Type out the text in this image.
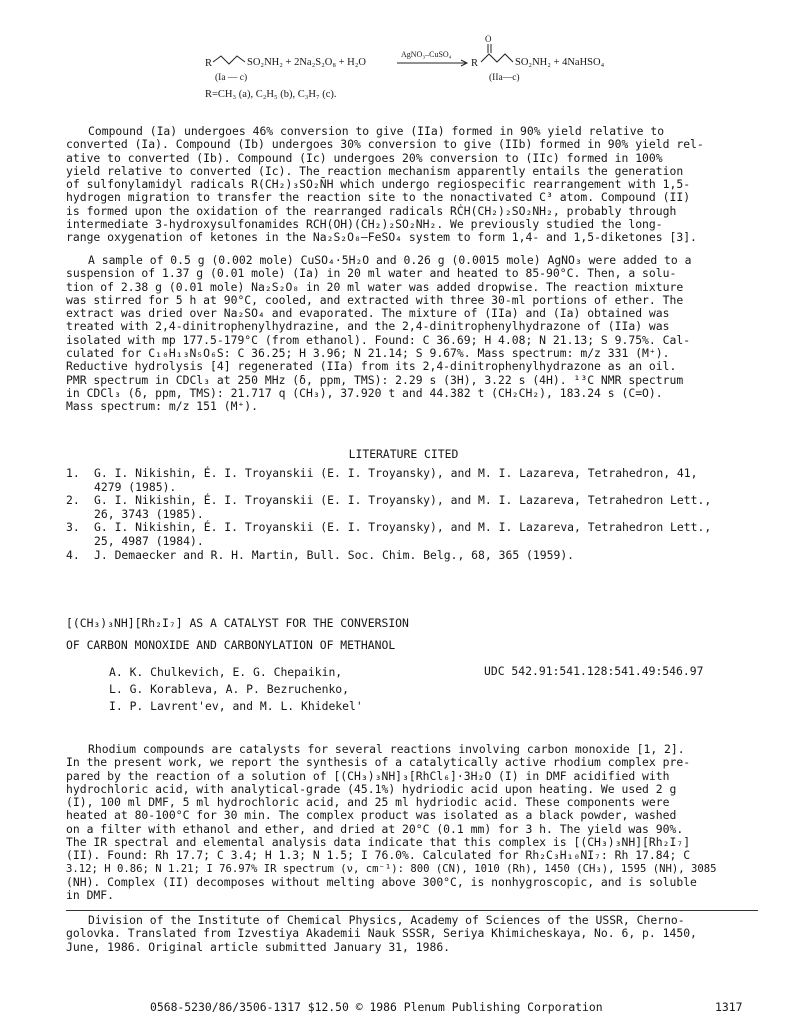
R	SO₂NH₂ + 2Na₂S₂O₈ + H₂O
AgNO₃–CuSO₄
R
O
SO₂NH₂ + 4NaHSO₄
(Ia — c)	(IIa—c)
R=CH₃ (a), C₂H₅ (b), C₃H₇ (c).
Compound (Ia) undergoes 46% conversion to give (IIa) formed in 90% yield relative to
converted (Ia). Compound (Ib) undergoes 30% conversion to give (IIb) formed in 90% yield rel-
ative to converted (Ib). Compound (Ic) undergoes 20% conversion to (IIc) formed in 100%
yield relative to converted (Ic). The reaction mechanism apparently entails the generation
of sulfonylamidyl radicals R(CH₂)₃SO₂N̄H which undergo regiospecific rearrangement with 1,5-
hydrogen migration to transfer the reaction site to the nonactivated C³ atom. Compound (II)
is formed upon the oxidation of the rearranged radicals RĊH(CH₂)₂SO₂NH₂, probably through
intermediate 3-hydroxysulfonamides RCH(OH)(CH₂)₂SO₂NH₂. We previously studied the long-
range oxygenation of ketones in the Na₂S₂O₈–FeSO₄ system to form 1,4- and 1,5-diketones [3].
A sample of 0.5 g (0.002 mole) CuSO₄·5H₂O and 0.26 g (0.0015 mole) AgNO₃ were added to a
suspension of 1.37 g (0.01 mole) (Ia) in 20 ml water and heated to 85-90°C. Then, a solu-
tion of 2.38 g (0.01 mole) Na₂S₂O₈ in 20 ml water was added dropwise. The reaction mixture
was stirred for 5 h at 90°C, cooled, and extracted with three 30-ml portions of ether. The
extract was dried over Na₂SO₄ and evaporated. The mixture of (IIa) and (Ia) obtained was
treated with 2,4-dinitrophenylhydrazine, and the 2,4-dinitrophenylhydrazone of (IIa) was
isolated with mp 177.5-179°C (from ethanol). Found: C 36.69; H 4.08; N 21.13; S 9.75%. Cal-
culated for C₁₀H₁₃N₅O₆S: C 36.25; H 3.96; N 21.14; S 9.67%. Mass spectrum: m/z 331 (M⁺).
Reductive hydrolysis [4] regenerated (IIa) from its 2,4-dinitrophenylhydrazone as an oil.
PMR spectrum in CDCl₃ at 250 MHz (δ, ppm, TMS): 2.29 s (3H), 3.22 s (4H). ¹³C NMR spectrum
in CDCl₃ (δ, ppm, TMS): 21.717 q (CH₃), 37.920 t and 44.382 t (CH₂CH₂), 183.24 s (C=O).
Mass spectrum: m/z 151 (M⁺).
LITERATURE CITED
1. G. I. Nikishin, É. I. Troyanskii (E. I. Troyansky), and M. I. Lazareva, Tetrahedron, 41,
4279 (1985).
2. G. I. Nikishin, É. I. Troyanskii (E. I. Troyansky), and M. I. Lazareva, Tetrahedron Lett.,
26, 3743 (1985).
3. G. I. Nikishin, É. I. Troyanskii (E. I. Troyansky), and M. I. Lazareva, Tetrahedron Lett.,
25, 4987 (1984).
4. J. Demaecker and R. H. Martin, Bull. Soc. Chim. Belg., 68, 365 (1959).
[(CH₃)₃NH][Rh₂I₇] AS A CATALYST FOR THE CONVERSION
OF CARBON MONOXIDE AND CARBONYLATION OF METHANOL
A. K. Chulkevich, E. G. Chepaikin,
L. G. Korableva, A. P. Bezruchenko,
I. P. Lavrent'ev, and M. L. Khidekel'
UDC 542.91:541.128:541.49:546.97
Rhodium compounds are catalysts for several reactions involving carbon monoxide [1, 2].
In the present work, we report the synthesis of a catalytically active rhodium complex pre-
pared by the reaction of a solution of [(CH₃)₃NH]₃[RhCl₆]·3H₂O (I) in DMF acidified with
hydrochloric acid, with analytical-grade (45.1%) hydriodic acid upon heating. We used 2 g
(I), 100 ml DMF, 5 ml hydrochloric acid, and 25 ml hydriodic acid. These components were
heated at 80-100°C for 30 min. The complex product was isolated as a black powder, washed
on a filter with ethanol and ether, and dried at 20°C (0.1 mm) for 3 h. The yield was 90%.
The IR spectral and elemental analysis data indicate that this complex is [(CH₃)₃NH][Rh₂I₇]
(II). Found: Rh 17.7; C 3.4; H 1.3; N 1.5; I 76.0%. Calculated for Rh₂C₃H₁₀NI₇: Rh 17.84; C
3.12; H 0.86; N 1.21; I 76.97% IR spectrum (ν, cm⁻¹): 800 (CN), 1010 (Rh), 1450 (CH₃), 1595 (NH), 3085
(NH). Complex (II) decomposes without melting above 300°C, is nonhygroscopic, and is soluble
in DMF.
Division of the Institute of Chemical Physics, Academy of Sciences of the USSR, Cherno-
golovka. Translated from Izvestiya Akademii Nauk SSSR, Seriya Khimicheskaya, No. 6, p. 1450,
June, 1986. Original article submitted January 31, 1986.
0568-5230/86/3506-1317 $12.50 © 1986 Plenum Publishing Corporation	1317
